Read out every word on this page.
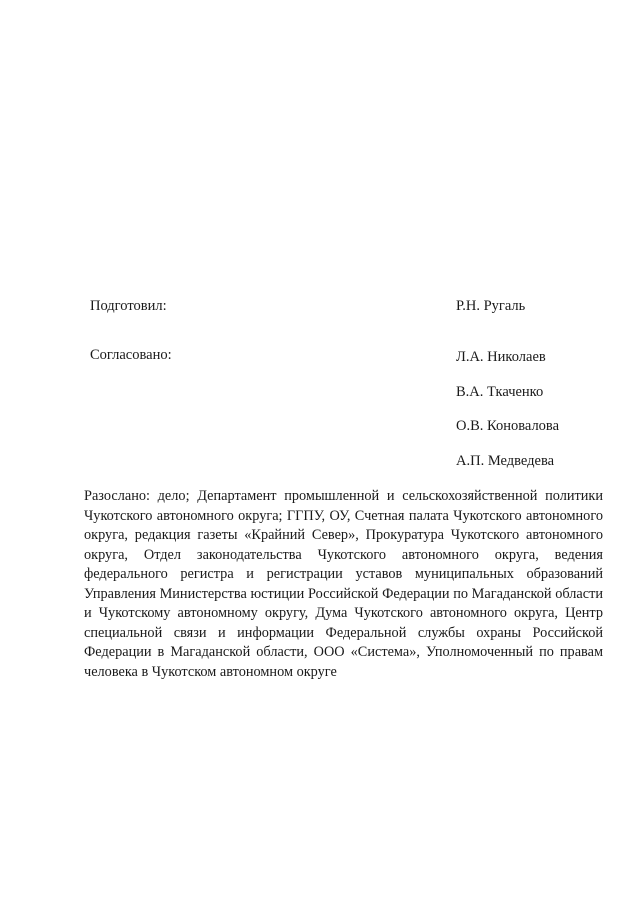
Подготовил:	Р.Н. Ругаль
Согласовано:	Л.А. Николаев
В.А. Ткаченко
О.В. Коновалова
А.П. Медведева
Разослано: дело; Департамент промышленной и сельскохозяйственной политики Чукотского автономного округа; ГГПУ, ОУ, Счетная палата Чукотского автономного округа, редакция газеты «Крайний Север», Прокуратура Чукотского автономного округа, Отдел законодательства Чукотского автономного округа, ведения федерального регистра и регистрации уставов муниципальных образований Управления Министерства юстиции Российской Федерации по Магаданской области и Чукотскому автономному округу, Дума Чукотского автономного округа, Центр специальной связи и информации Федеральной службы охраны Российской Федерации в Магаданской области, ООО «Система», Уполномоченный по правам человека в Чукотском автономном округе
